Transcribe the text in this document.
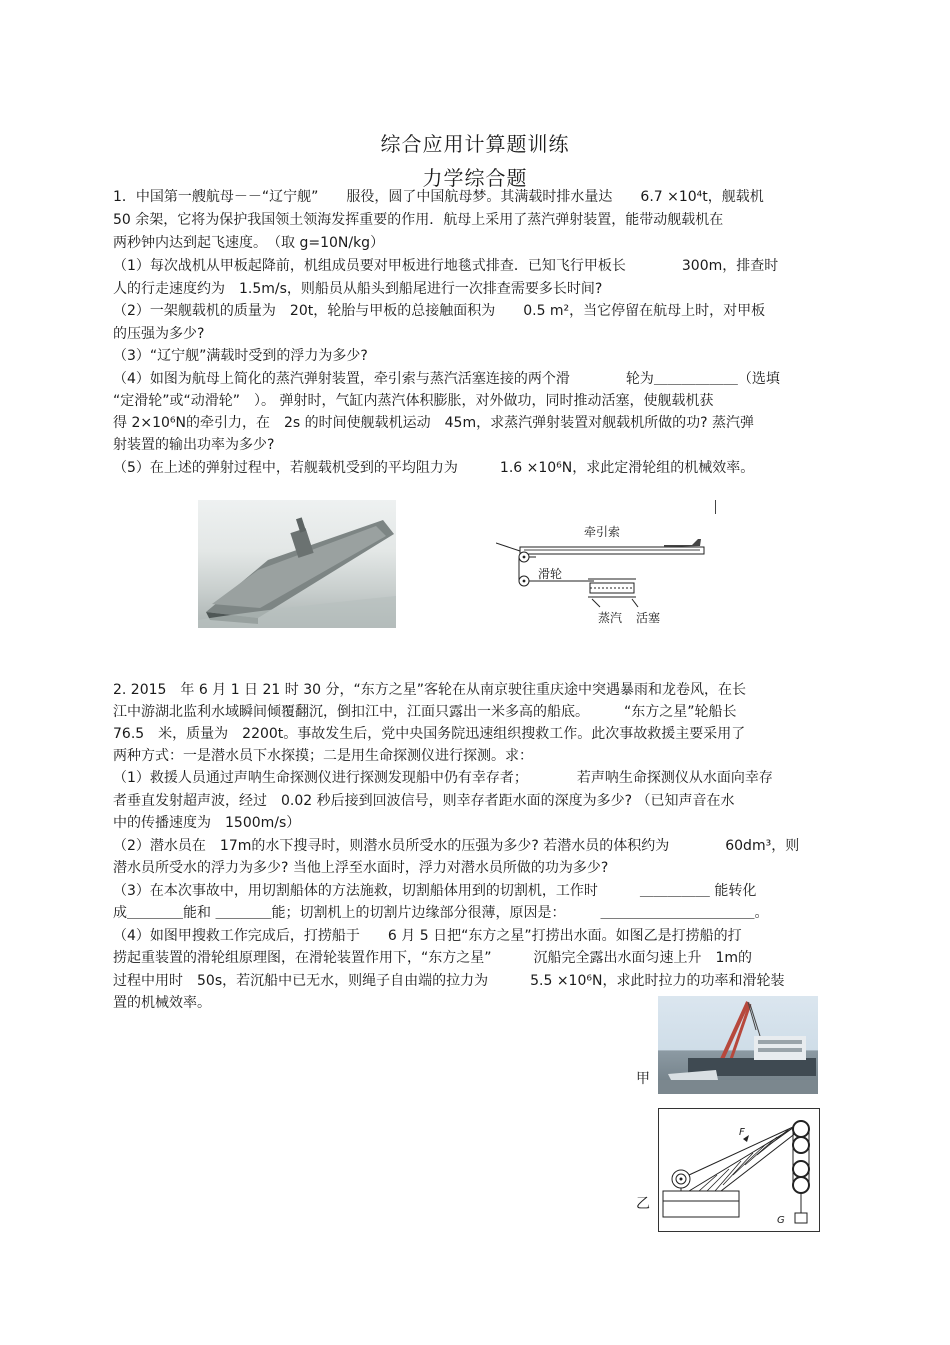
综合应用计算题训练
力学综合题
1．中国第一艘航母－－“辽宁舰”　　服役，圆了中国航母梦。其满载时排水量达　　6.7 ×10⁴t，舰载机
50 余架，它将为保护我国领土领海发挥重要的作用．航母上采用了蒸汽弹射装置，能带动舰载机在
两秒钟内达到起飞速度。　（取 g=10N/kg）
（1）每次战机从甲板起降前，机组成员要对甲板进行地毯式排查．已知飞行甲板长　　　　300m，排查时
人的行走速度约为　1.5m/s，则船员从船头到船尾进行一次排查需要多长时间?
（2）一架舰载机的质量为　20t，轮胎与甲板的总接触面积为　　0.5 m²，当它停留在航母上时，对甲板
的压强为多少?
（3）“辽宁舰”满载时受到的浮力为多少?
（4）如图为航母上简化的蒸汽弹射装置，牵引索与蒸汽活塞连接的两个滑　　　　轮为＿＿＿＿＿＿（选填
“定滑轮”或“动滑轮”　）。 弹射时，气缸内蒸汽体积膨胀，对外做功，同时推动活塞，使舰载机获
得 2×10⁶N的牵引力，在　2s 的时间使舰载机运动　45m，求蒸汽弹射装置对舰载机所做的功? 蒸汽弹
射装置的输出功率为多少?
（5）在上述的弹射过程中，若舰载机受到的平均阻力为　　　1.6 ×10⁶N，求此定滑轮组的机械效率。
牵引索
滑轮
蒸汽 活塞
2. 2015　年 6 月 1 日 21 时 30 分，“东方之星”客轮在从南京驶往重庆途中突遇暴雨和龙卷风，在长
江中游湖北监利水域瞬间倾覆翻沉，倒扣江中，江面只露出一米多高的船底。　　　“东方之星”轮船长
76.5　米，质量为　2200t。事故发生后，党中央国务院迅速组织搜救工作。此次事故救援主要采用了
两种方式：一是潜水员下水探摸；二是用生命探测仪进行探测。求：
（1）救援人员通过声呐生命探测仪进行探测发现船中仍有幸存者；　　　　若声呐生命探测仪从水面向幸存
者垂直发射超声波，经过　0.02 秒后接到回波信号，则幸存者距水面的深度为多少? （已知声音在水
中的传播速度为　1500m/s）
（2）潜水员在　17m的水下搜寻时，则潜水员所受水的压强为多少? 若潜水员的体积约为　　　　60dm³，则
潜水员所受水的浮力为多少? 当他上浮至水面时，浮力对潜水员所做的功为多少?
（3）在本次事故中，用切割船体的方法施救，切割船体用到的切割机，工作时　　　＿＿＿＿＿ 能转化
成＿＿＿＿能和 ＿＿＿＿能；切割机上的切割片边缘部分很薄，原因是：　　　＿＿＿＿＿＿＿＿＿＿＿。
（4）如图甲搜救工作完成后，打捞船于　　6 月 5 日把“东方之星”打捞出水面。如图乙是打捞船的打
捞起重装置的滑轮组原理图，在滑轮装置作用下，“东方之星”　　　沉船完全露出水面匀速上升　1m的
过程中用时　50s，若沉船中已无水，则绳子自由端的拉力为　　　5.5 ×10⁶N，求此时拉力的功率和滑轮装
置的机械效率。
甲
乙
F
G
